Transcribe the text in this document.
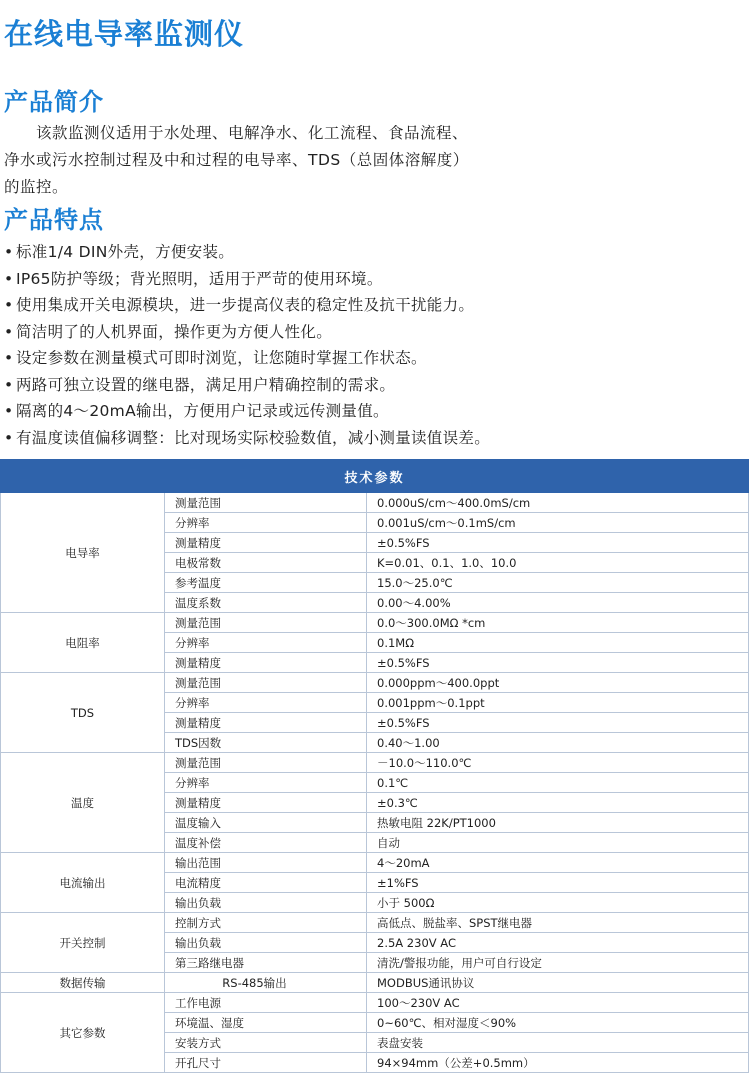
在线电导率监测仪
产品简介
该款监测仪适用于水处理、电解净水、化工流程、食品流程、净水或污水控制过程及中和过程的电导率、TDS（总固体溶解度）的监控。
产品特点
• 标准1/4 DIN外壳，方便安装。
• IP65防护等级；背光照明，适用于严苛的使用环境。
• 使用集成开关电源模块，进一步提高仪表的稳定性及抗干扰能力。
• 简洁明了的人机界面，操作更为方便人性化。
• 设定参数在测量模式可即时浏览，让您随时掌握工作状态。
• 两路可独立设置的继电器，满足用户精确控制的需求。
• 隔离的4～20mA输出，方便用户记录或远传测量值。
• 有温度读值偏移调整：比对现场实际校验数值，减小测量读值误差。
技术参数		
电导率	测量范围	0.000uS/cm～400.0mS/cm
	分辨率	0.001uS/cm～0.1mS/cm
	测量精度	±0.5%FS
	电极常数	K=0.01、0.1、1.0、10.0
	参考温度	15.0～25.0℃
	温度系数	0.00～4.00%
电阻率	测量范围	0.0～300.0MΩ *cm
	分辨率	0.1MΩ
	测量精度	±0.5%FS
TDS	测量范围	0.000ppm～400.0ppt
	分辨率	0.001ppm～0.1ppt
	测量精度	±0.5%FS
	TDS因数	0.40～1.00
温度	测量范围	－10.0～110.0℃
	分辨率	0.1℃
	测量精度	±0.3℃
	温度输入	热敏电阻 22K/PT1000
	温度补偿	自动
电流输出	输出范围	4～20mA
	电流精度	±1%FS
	输出负载	小于 500Ω
开关控制	控制方式	高低点、脱盐率、SPST继电器
	输出负载	2.5A 230V AC
	第三路继电器	清洗/警报功能，用户可自行设定
数据传输	RS-485输出	MODBUS通讯协议
其它参数	工作电源	100～230V AC
	环境温、湿度	0~60℃、相对湿度＜90%
	安装方式	表盘安装
	开孔尺寸	94×94mm（公差+0.5mm）
